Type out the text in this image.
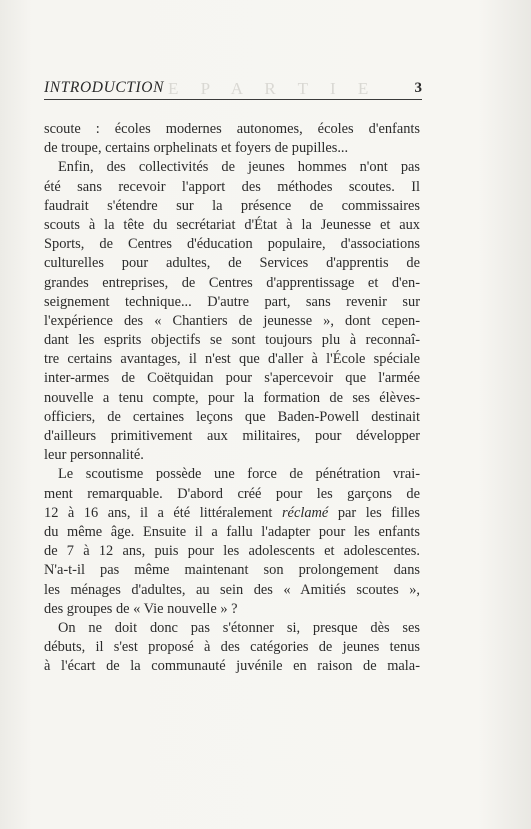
E P A R T I E
INTRODUCTION	3
scoute : écoles modernes autonomes, écoles d'enfants
de troupe, certains orphelinats et foyers de pupilles...
Enfin, des collectivités de jeunes hommes n'ont pas
été sans recevoir l'apport des méthodes scoutes. Il
faudrait s'étendre sur la présence de commissaires
scouts à la tête du secrétariat d'État à la Jeunesse et aux
Sports, de Centres d'éducation populaire, d'associations
culturelles pour adultes, de Services d'apprentis de
grandes entreprises, de Centres d'apprentissage et d'en-
seignement technique... D'autre part, sans revenir sur
l'expérience des « Chantiers de jeunesse », dont cepen-
dant les esprits objectifs se sont toujours plu à reconnaî-
tre certains avantages, il n'est que d'aller à l'École spéciale
inter-armes de Coëtquidan pour s'apercevoir que l'armée
nouvelle a tenu compte, pour la formation de ses élèves-
officiers, de certaines leçons que Baden-Powell destinait
d'ailleurs primitivement aux militaires, pour développer
leur personnalité.
Le scoutisme possède une force de pénétration vrai-
ment remarquable. D'abord créé pour les garçons de
12 à 16 ans, il a été littéralement réclamé par les filles
du même âge. Ensuite il a fallu l'adapter pour les enfants
de 7 à 12 ans, puis pour les adolescents et adolescentes.
N'a-t-il pas même maintenant son prolongement dans
les ménages d'adultes, au sein des « Amitiés scoutes »,
des groupes de « Vie nouvelle » ?
On ne doit donc pas s'étonner si, presque dès ses
débuts, il s'est proposé à des catégories de jeunes tenus
à l'écart de la communauté juvénile en raison de mala-
